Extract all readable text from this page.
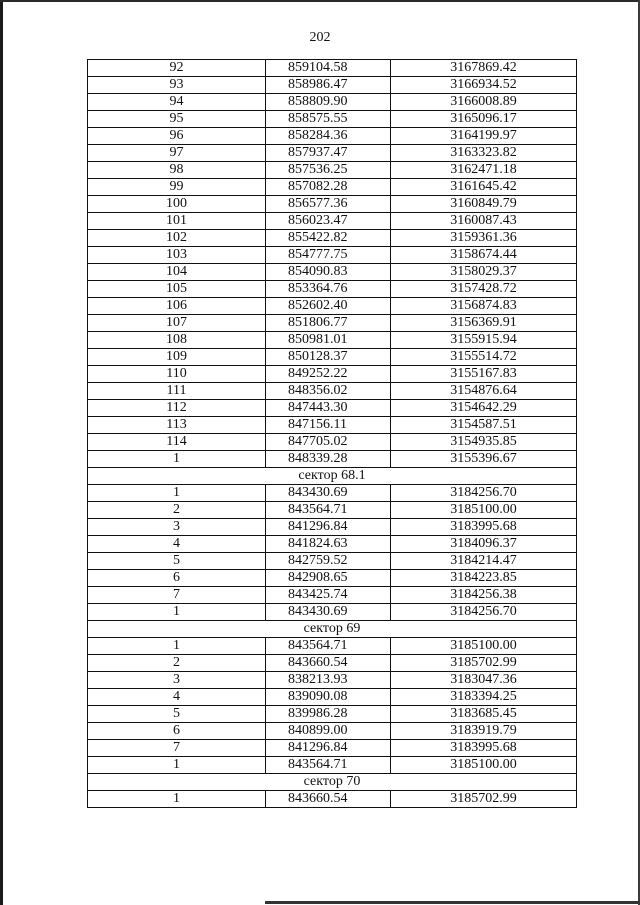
202
92	859104.58	3167869.42
93	858986.47	3166934.52
94	858809.90	3166008.89
95	858575.55	3165096.17
96	858284.36	3164199.97
97	857937.47	3163323.82
98	857536.25	3162471.18
99	857082.28	3161645.42
100	856577.36	3160849.79
101	856023.47	3160087.43
102	855422.82	3159361.36
103	854777.75	3158674.44
104	854090.83	3158029.37
105	853364.76	3157428.72
106	852602.40	3156874.83
107	851806.77	3156369.91
108	850981.01	3155915.94
109	850128.37	3155514.72
110	849252.22	3155167.83
111	848356.02	3154876.64
112	847443.30	3154642.29
113	847156.11	3154587.51
114	847705.02	3154935.85
1	848339.28	3155396.67
сектор 68.1		
1	843430.69	3184256.70
2	843564.71	3185100.00
3	841296.84	3183995.68
4	841824.63	3184096.37
5	842759.52	3184214.47
6	842908.65	3184223.85
7	843425.74	3184256.38
1	843430.69	3184256.70
сектор 69		
1	843564.71	3185100.00
2	843660.54	3185702.99
3	838213.93	3183047.36
4	839090.08	3183394.25
5	839986.28	3183685.45
6	840899.00	3183919.79
7	841296.84	3183995.68
1	843564.71	3185100.00
сектор 70		
1	843660.54	3185702.99
